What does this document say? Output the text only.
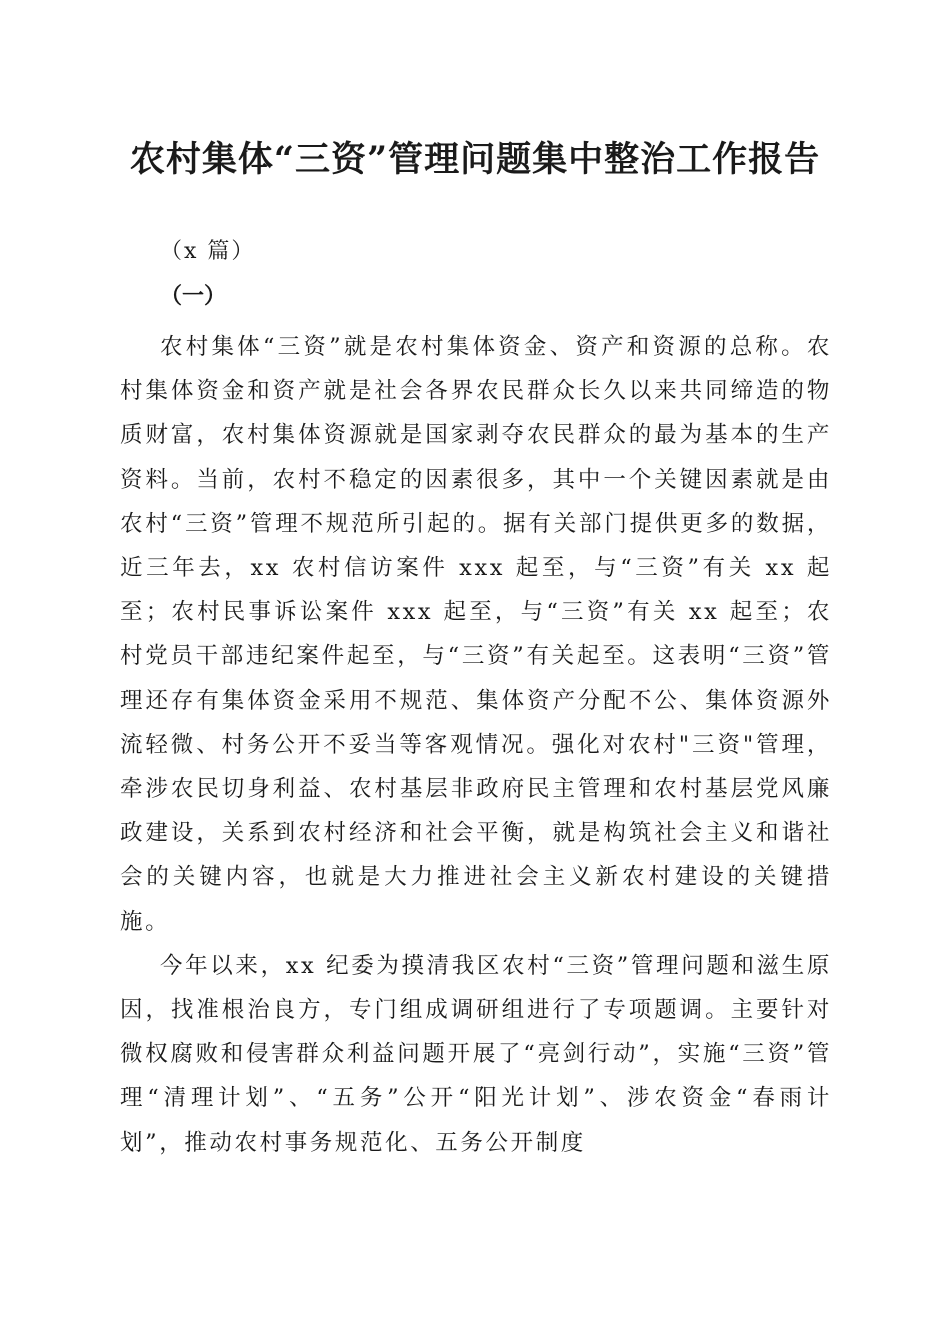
农村集体“三资”管理问题集中整治工作报告
（x 篇）
（一）

农村集体“三资”就是农村集体资金、资产和资源的总称。农村集体资金和资产就是社会各界农民群众长久以来共同缔造的物质财富，农村集体资源就是国家剥夺农民群众的最为基本的生产资料。当前，农村不稳定的因素很多，其中一个关键因素就是由农村“三资”管理不规范所引起的。据有关部门提供更多的数据，近三年去，xx 农村信访案件 xxx 起至，与“三资”有关 xx 起至；农村民事诉讼案件 xxx 起至，与“三资”有关 xx 起至；农村党员干部违纪案件起至，与“三资”有关起至。这表明“三资”管理还存有集体资金采用不规范、集体资产分配不公、集体资源外流轻微、村务公开不妥当等客观情况。强化对农村"三资"管理，牵涉农民切身利益、农村基层非政府民主管理和农村基层党风廉政建设，关系到农村经济和社会平衡，就是构筑社会主义和谐社会的关键内容，也就是大力推进社会主义新农村建设的关键措施。

今年以来，xx 纪委为摸清我区农村“三资”管理问题和滋生原因，找准根治良方，专门组成调研组进行了专项题调。主要针对微权腐败和侵害群众利益问题开展了“亮剑行动”，实施“三资”管理“清理计划”、“五务”公开“阳光计划”、涉农资金“春雨计划”，推动农村事务规范化、五务公开制度
